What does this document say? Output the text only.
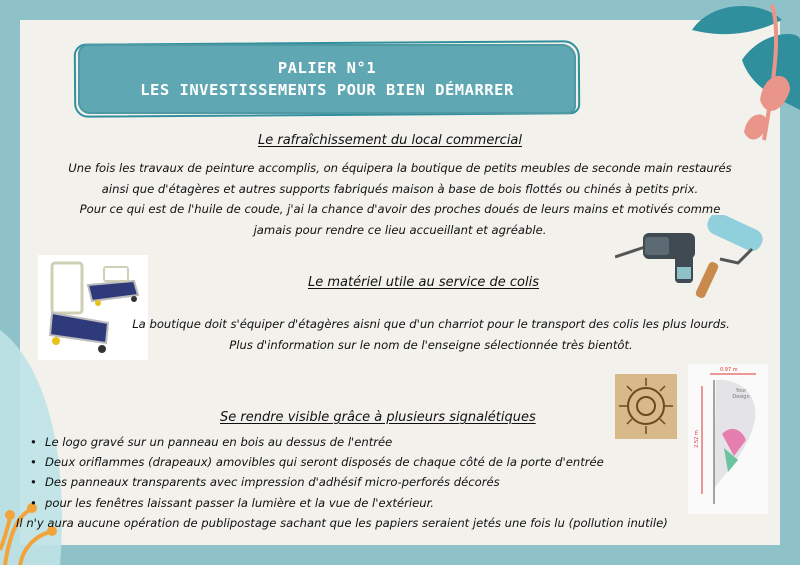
PALIER N°1
LES INVESTISSEMENTS POUR BIEN DÉMARRER
Le rafraîchissement du local commercial
Une fois les travaux de peinture accomplis, on équipera la boutique de petits meubles de seconde main restaurés
ainsi que d'étagères et autres supports fabriqués maison à base de bois flottés ou chinés à petits prix.
Pour ce qui est de l'huile de coude, j'ai la chance d'avoir des proches doués de leurs mains et motivés comme
jamais pour rendre ce lieu accueillant et agréable.
Le matériel utile au service de colis
La boutique doit s'équiper d'étagères aisni que d'un charriot pour le transport des colis les plus lourds.
Plus d'information sur le nom de l'enseigne sélectionnée très bientôt.
0.97 m
2.52 m
Your Design
Se rendre visible grâce à plusieurs signalétiques
• Le logo gravé sur un panneau en bois au dessus de l'entrée
• Deux oriflammes (drapeaux) amovibles qui seront disposés de chaque côté de la porte d'entrée
• Des panneaux transparents avec impression d'adhésif micro-perforés décorés
• pour les fenêtres laissant passer la lumière et la vue de l'extérieur.
Il n'y aura aucune opération de publipostage sachant que les papiers seraient jetés une fois lu (pollution inutile)
